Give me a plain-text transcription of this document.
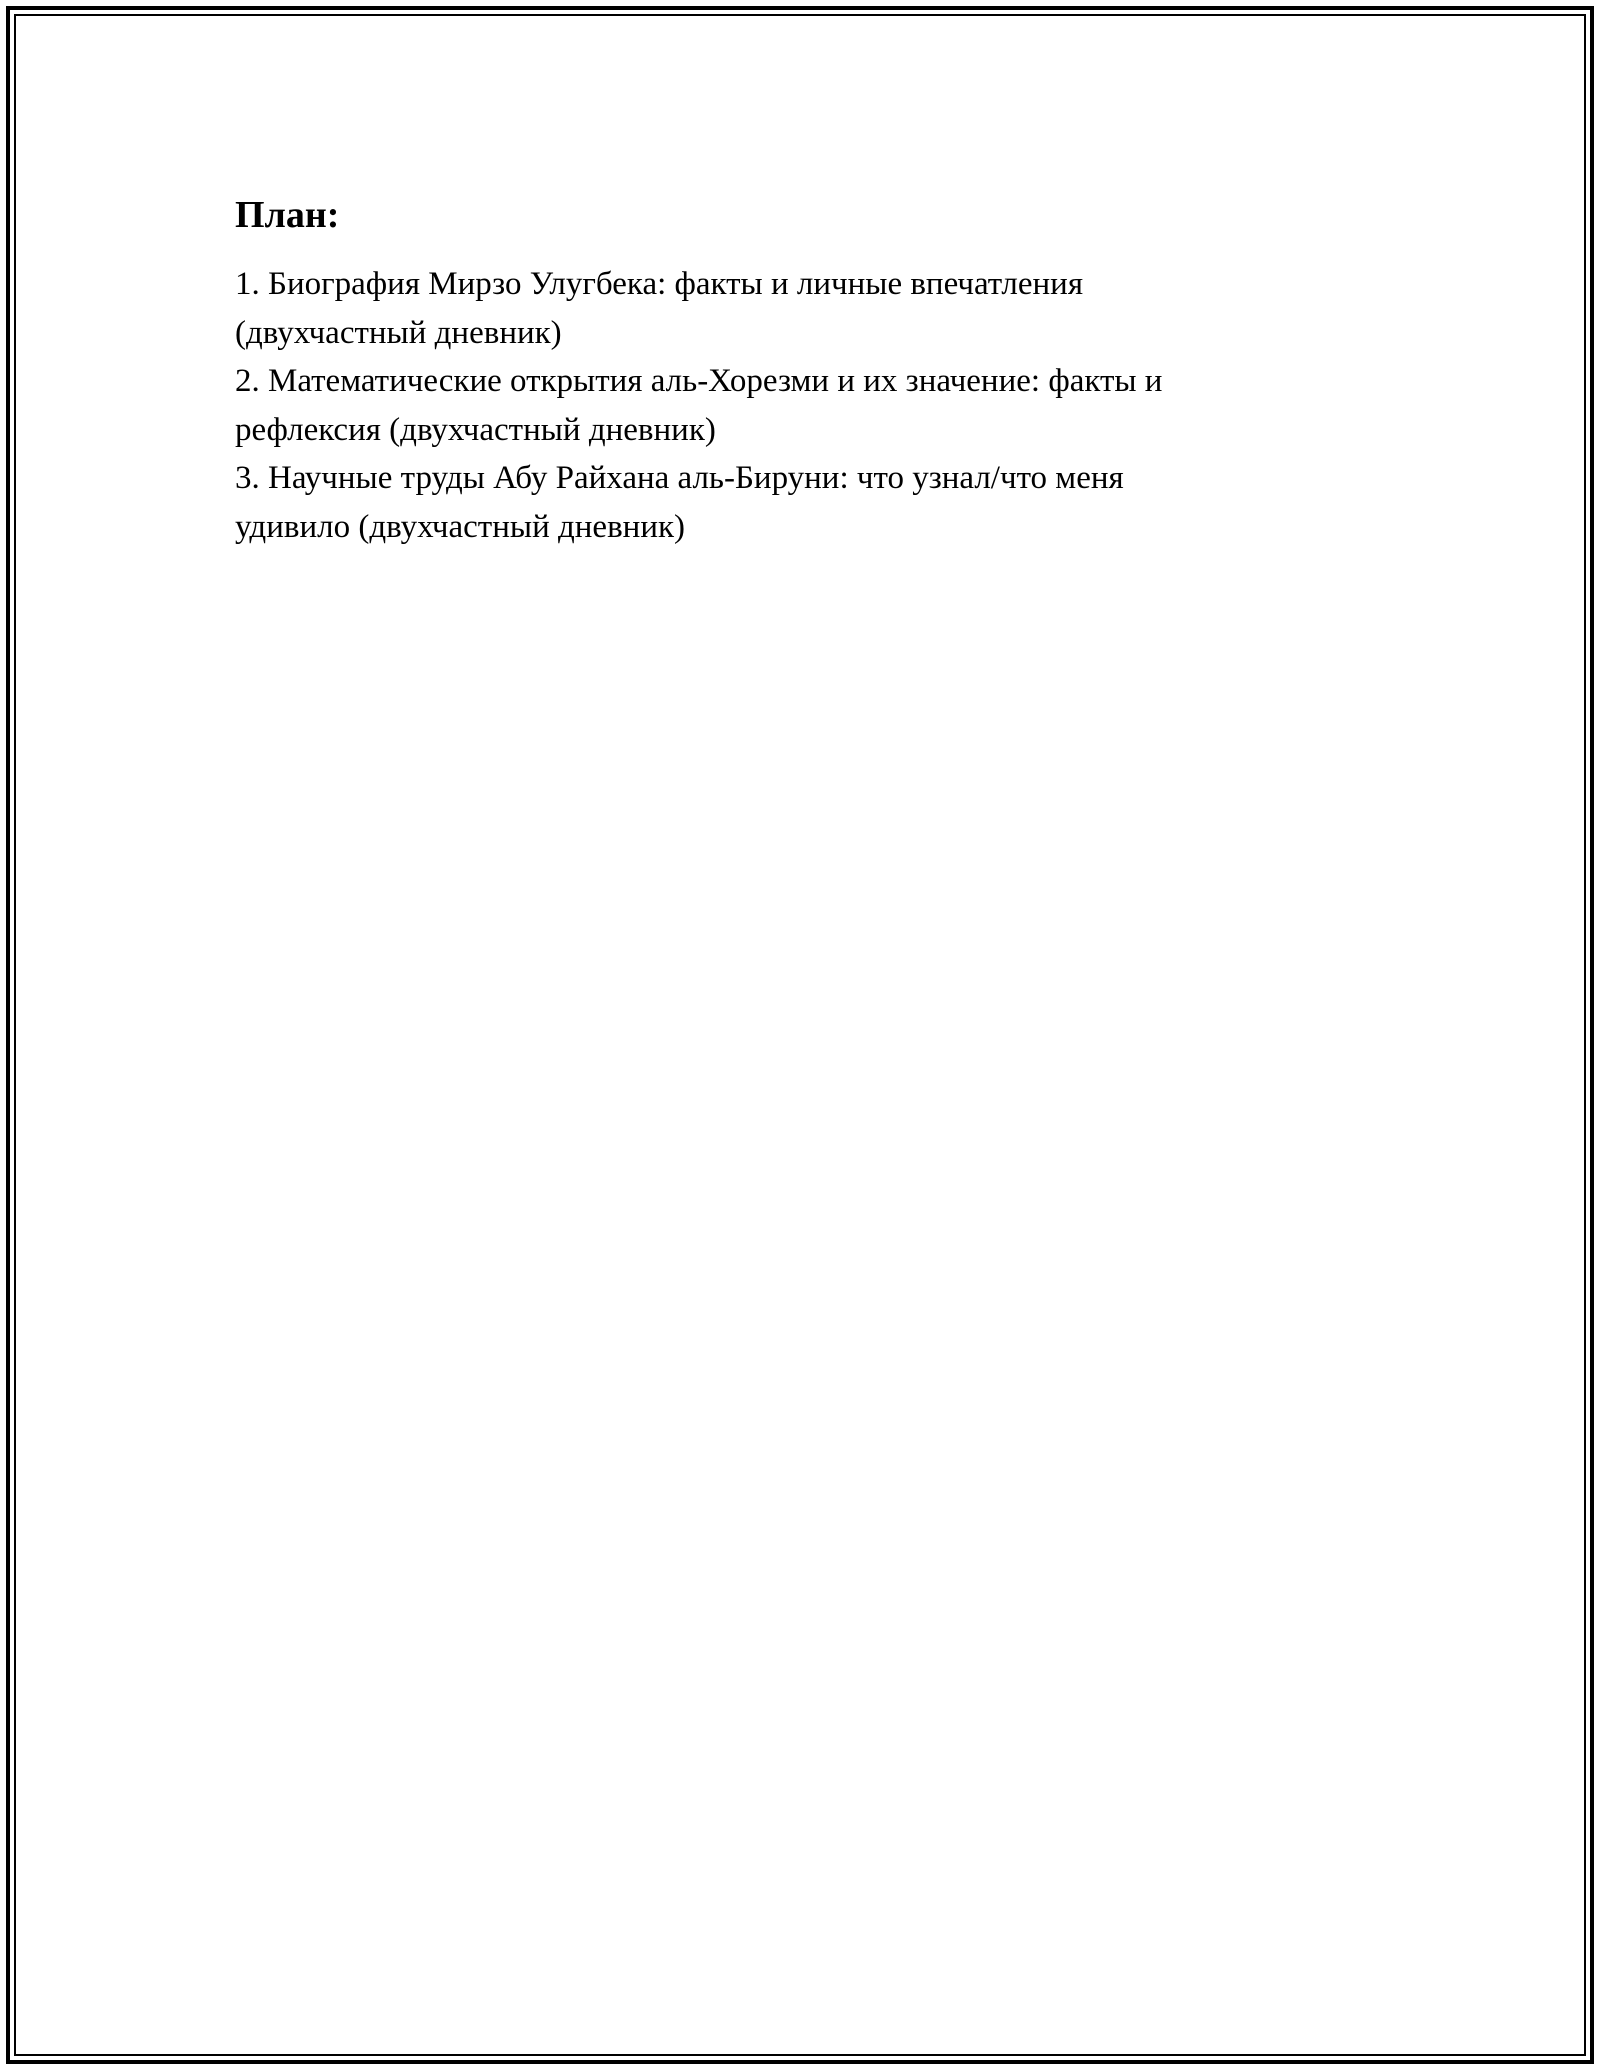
План:
1. Биография Мирзо Улугбека: факты и личные впечатления
(двухчастный дневник)
2. Математические открытия аль-Хорезми и их значение: факты и
рефлексия (двухчастный дневник)
3. Научные труды Абу Райхана аль-Бируни: что узнал/что меня
удивило (двухчастный дневник)
